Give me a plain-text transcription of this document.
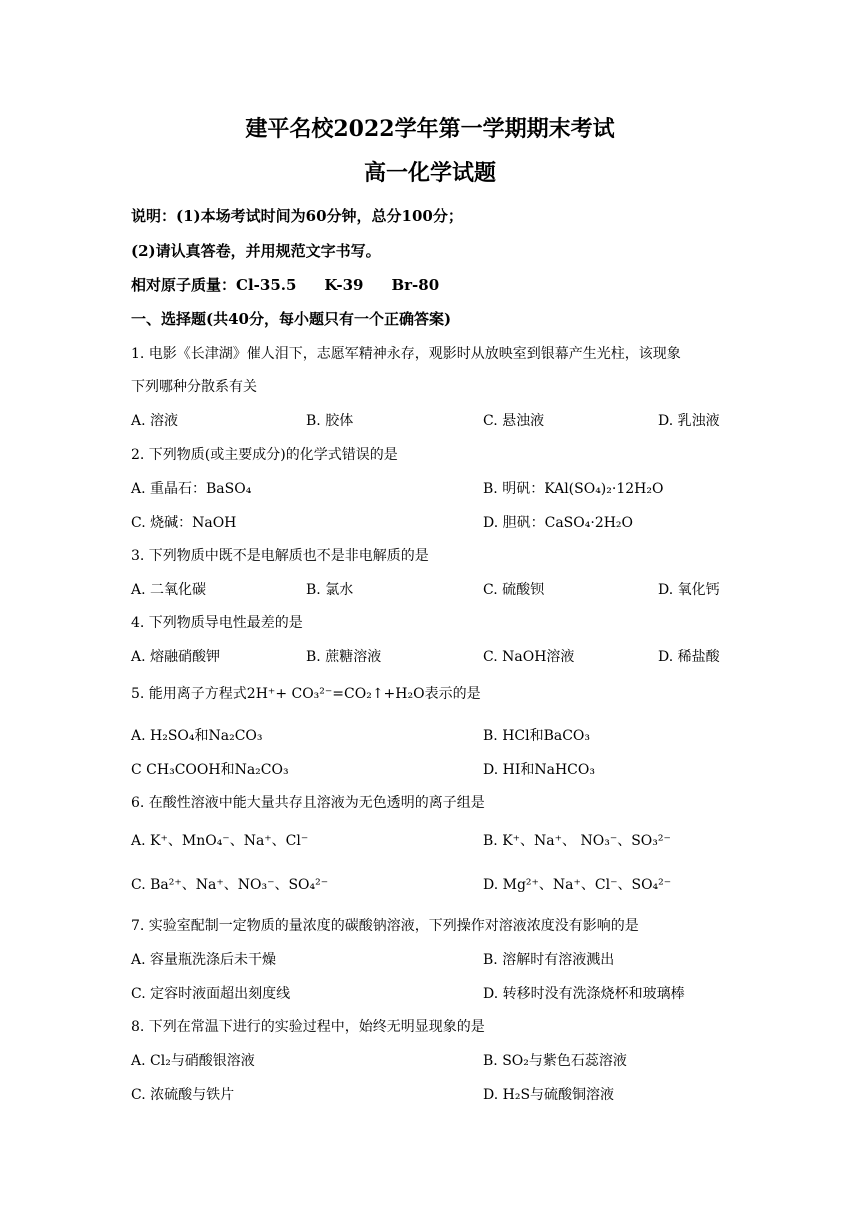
建平名校2022学年第一学期期末考试
高一化学试题
说明：(1)本场考试时间为60分钟，总分100分；
(2)请认真答卷，并用规范文字书写。
相对原子质量：Cl-35.5 K-39 Br-80
一、选择题(共40分，每小题只有一个正确答案)
1. 电影《长津湖》催人泪下，志愿军精神永存，观影时从放映室到银幕产生光柱，该现象
下列哪种分散系有关
A. 溶液	B. 胶体	C. 悬浊液	D. 乳浊液
2. 下列物质(或主要成分)的化学式错误的是
A. 重晶石：BaSO₄	B. 明矾：KAl(SO₄)₂·12H₂O
C. 烧碱：NaOH	D. 胆矾：CaSO₄·2H₂O
3. 下列物质中既不是电解质也不是非电解质的是
A. 二氧化碳	B. 氯水	C. 硫酸钡	D. 氧化钙
4. 下列物质导电性最差的是
A. 熔融硝酸钾	B. 蔗糖溶液	C. NaOH溶液	D. 稀盐酸
5. 能用离子方程式2H⁺+ CO₃²⁻=CO₂↑+H₂O表示的是
A. H₂SO₄和Na₂CO₃	B. HCl和BaCO₃
C CH₃COOH和Na₂CO₃	D. HI和NaHCO₃
6. 在酸性溶液中能大量共存且溶液为无色透明的离子组是
A. K⁺、MnO₄⁻、Na⁺、Cl⁻	B. K⁺、Na⁺、 NO₃⁻、SO₃²⁻
C. Ba²⁺、Na⁺、NO₃⁻、SO₄²⁻	D. Mg²⁺、Na⁺、Cl⁻、SO₄²⁻
7. 实验室配制一定物质的量浓度的碳酸钠溶液，下列操作对溶液浓度没有影响的是
A. 容量瓶洗涤后未干燥	B. 溶解时有溶液溅出
C. 定容时液面超出刻度线	D. 转移时没有洗涤烧杯和玻璃棒
8. 下列在常温下进行的实验过程中，始终无明显现象的是
A. Cl₂与硝酸银溶液	B. SO₂与紫色石蕊溶液
C. 浓硫酸与铁片	D. H₂S与硫酸铜溶液
